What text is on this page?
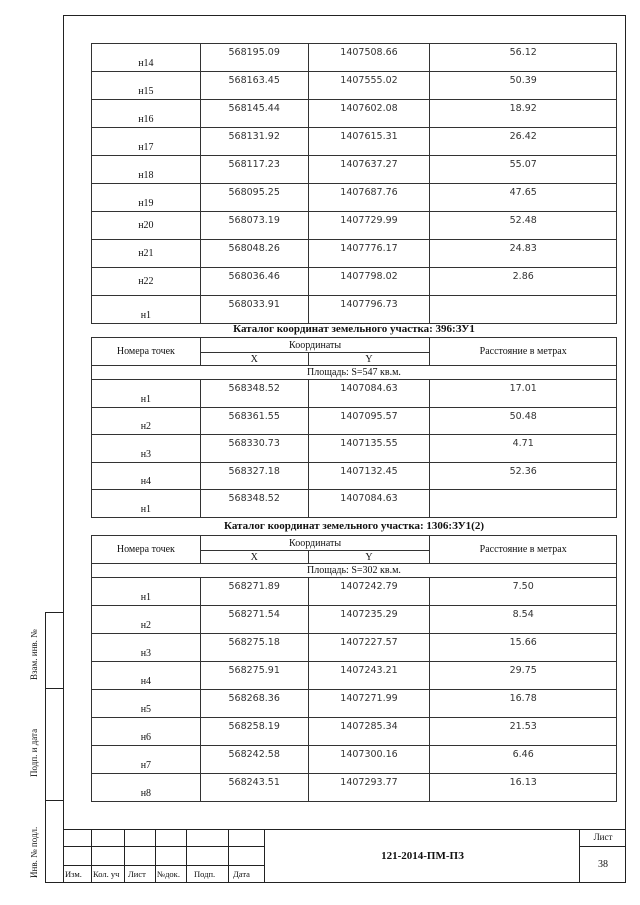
Взам. инв. №
Подп. и дата
Инв. № подл.
н14	568195.09	1407508.66	56.12
н15	568163.45	1407555.02	50.39
н16	568145.44	1407602.08	18.92
н17	568131.92	1407615.31	26.42
н18	568117.23	1407637.27	55.07
н19	568095.25	1407687.76	47.65
н20	568073.19	1407729.99	52.48
н21	568048.26	1407776.17	24.83
н22	568036.46	1407798.02	2.86
н1	568033.91	1407796.73	
Каталог координат земельного участка: 396:ЗУ1
Номера точек	Координаты		Расстояние в метрах
	X	Y	
Площадь: S=547 кв.м.			
н1	568348.52	1407084.63	17.01
н2	568361.55	1407095.57	50.48
н3	568330.73	1407135.55	4.71
н4	568327.18	1407132.45	52.36
н1	568348.52	1407084.63	
Каталог координат земельного участка: 1306:ЗУ1(2)
Номера точек	Координаты		Расстояние в метрах
	X	Y	
Площадь: S=302 кв.м.			
н1	568271.89	1407242.79	7.50
н2	568271.54	1407235.29	8.54
н3	568275.18	1407227.57	15.66
н4	568275.91	1407243.21	29.75
н5	568268.36	1407271.99	16.78
н6	568258.19	1407285.34	21.53
н7	568242.58	1407300.16	6.46
н8	568243.51	1407293.77	16.13
Изм. Кол. уч Лист №док. Подп. Дата
121-2014-ПМ-ПЗ
Лист
38
